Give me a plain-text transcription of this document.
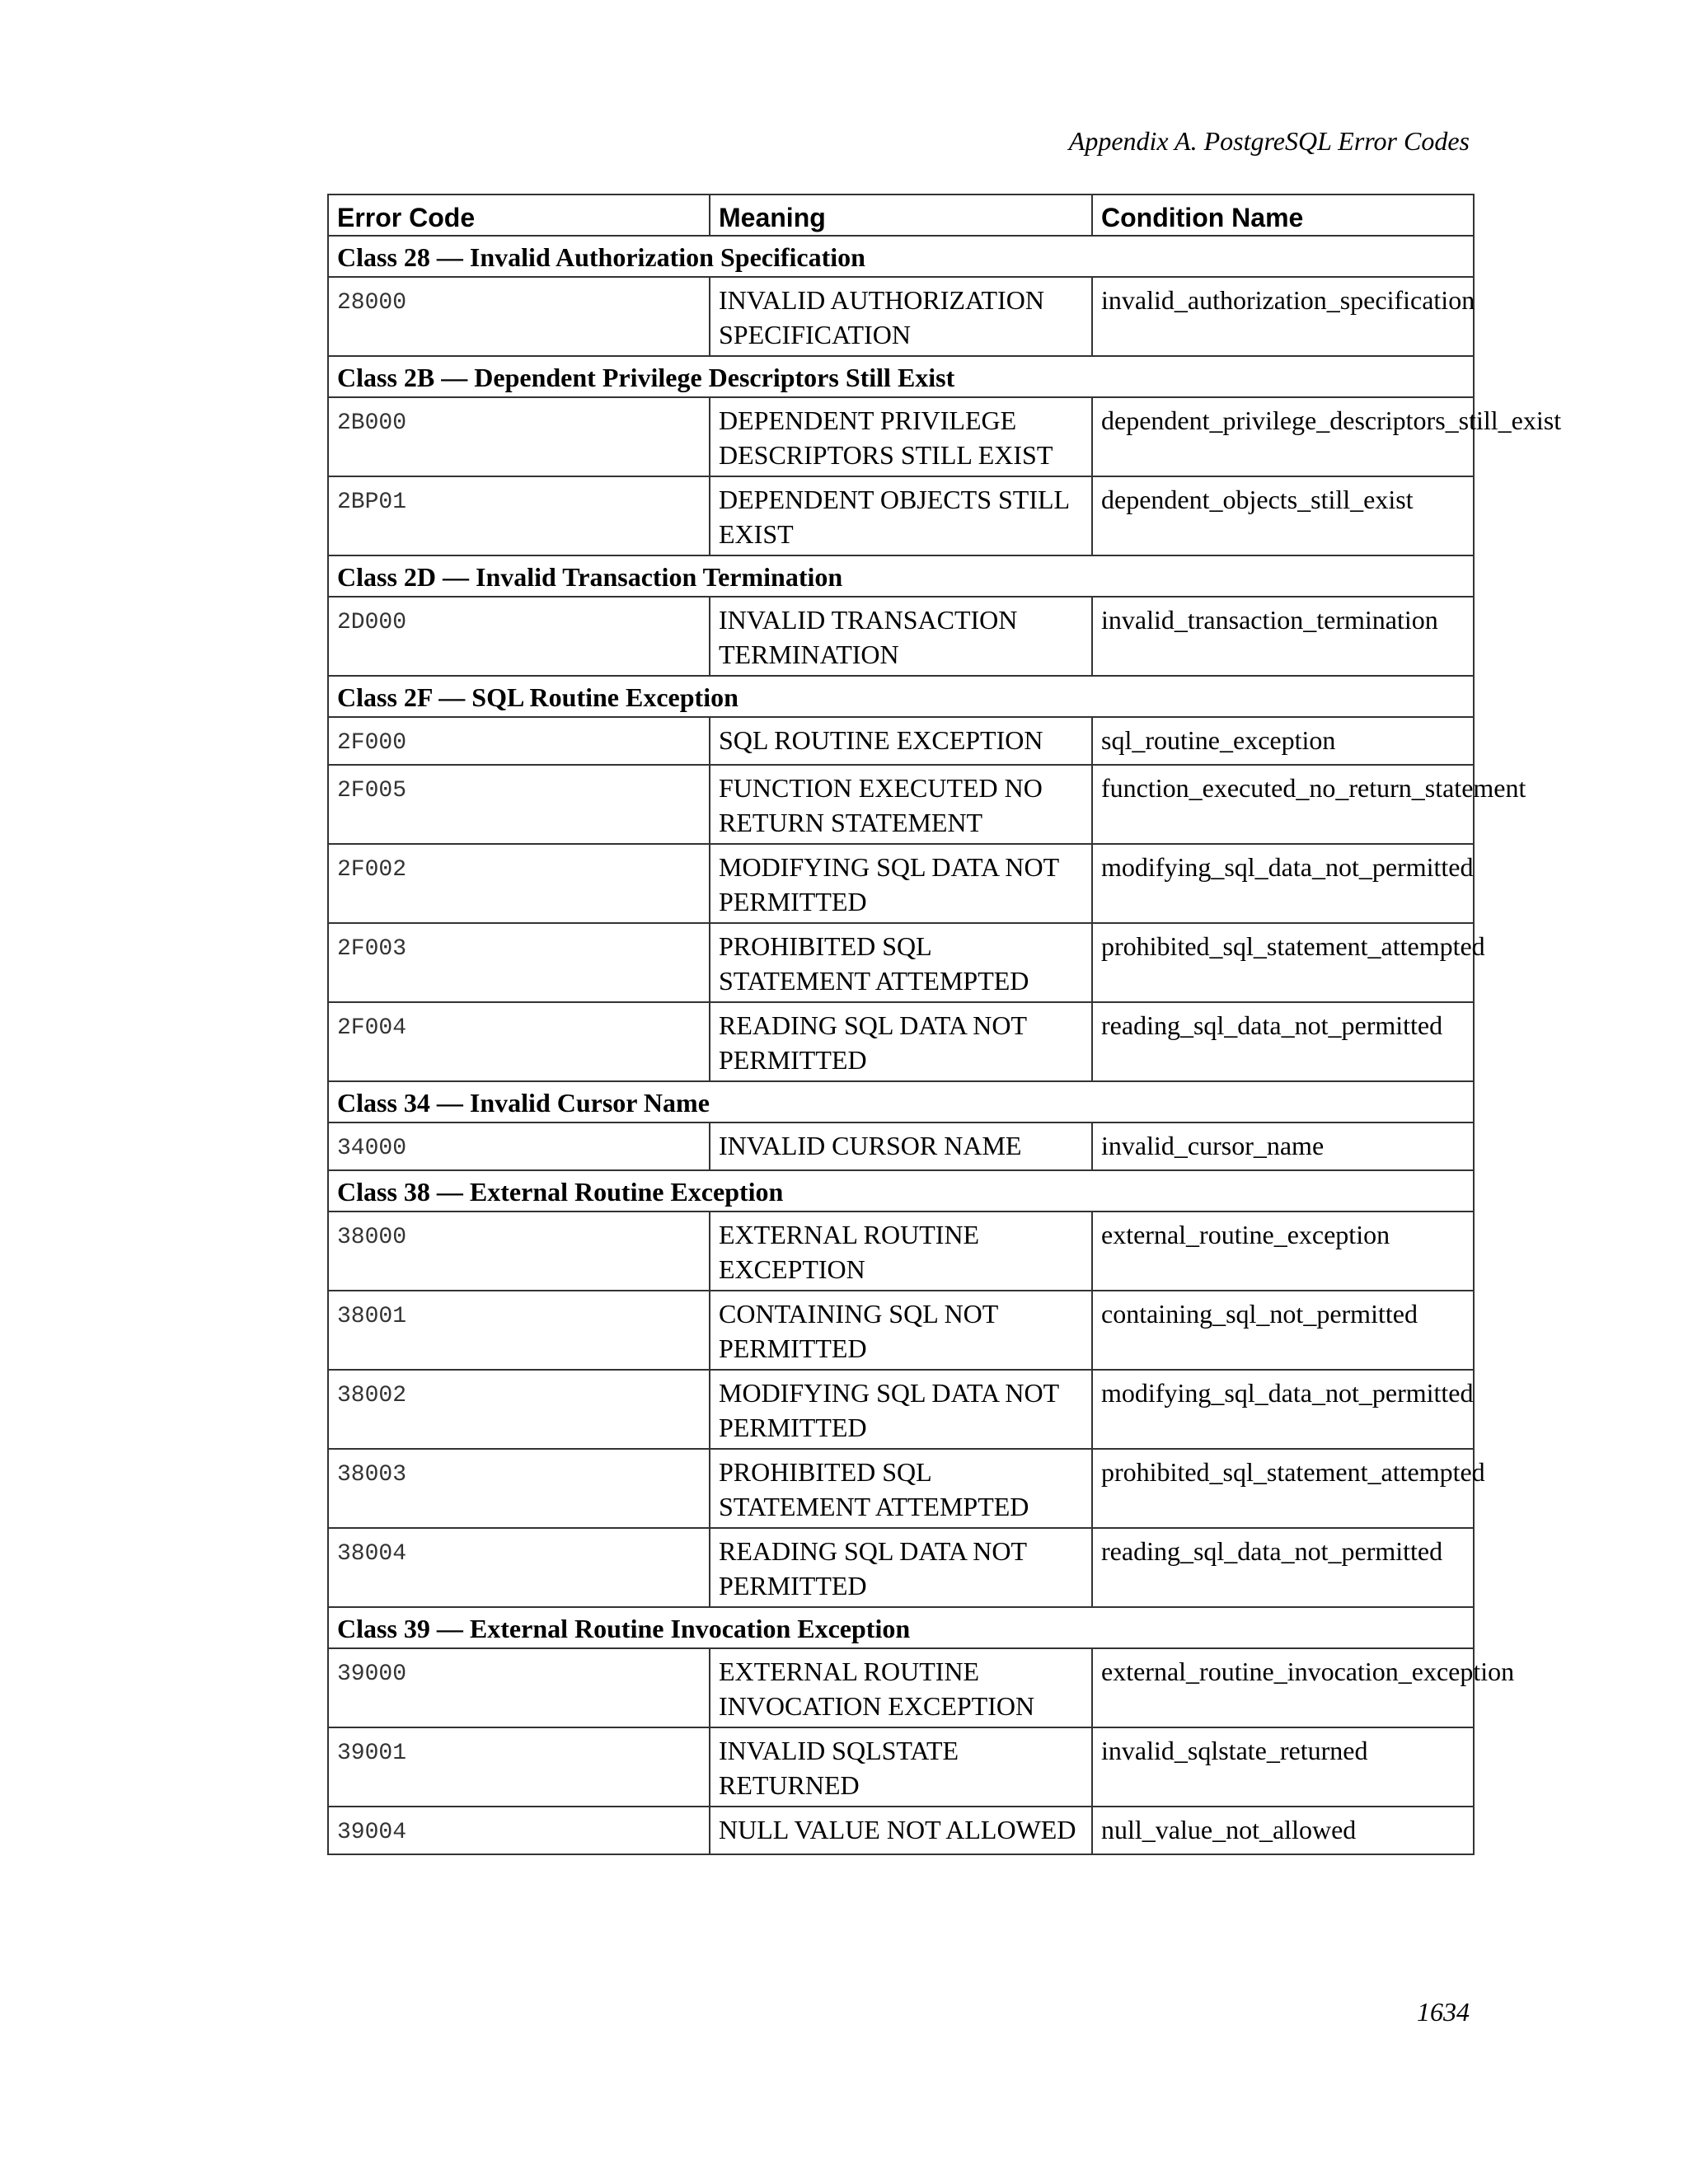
Appendix A. PostgreSQL Error Codes
Error Code	Meaning	Condition Name
Class 28 — Invalid Authorization Specification		
28000	INVALID AUTHORIZATION SPECIFICATION	invalid_authorization_specification
Class 2B — Dependent Privilege Descriptors Still Exist		
2B000	DEPENDENT PRIVILEGE DESCRIPTORS STILL EXIST	dependent_privilege_descriptors_still_exist
2BP01	DEPENDENT OBJECTS STILL EXIST	dependent_objects_still_exist
Class 2D — Invalid Transaction Termination		
2D000	INVALID TRANSACTION TERMINATION	invalid_transaction_termination
Class 2F — SQL Routine Exception		
2F000	SQL ROUTINE EXCEPTION	sql_routine_exception
2F005	FUNCTION EXECUTED NO RETURN STATEMENT	function_executed_no_return_statement
2F002	MODIFYING SQL DATA NOT PERMITTED	modifying_sql_data_not_permitted
2F003	PROHIBITED SQL STATEMENT ATTEMPTED	prohibited_sql_statement_attempted
2F004	READING SQL DATA NOT PERMITTED	reading_sql_data_not_permitted
Class 34 — Invalid Cursor Name		
34000	INVALID CURSOR NAME	invalid_cursor_name
Class 38 — External Routine Exception		
38000	EXTERNAL ROUTINE EXCEPTION	external_routine_exception
38001	CONTAINING SQL NOT PERMITTED	containing_sql_not_permitted
38002	MODIFYING SQL DATA NOT PERMITTED	modifying_sql_data_not_permitted
38003	PROHIBITED SQL STATEMENT ATTEMPTED	prohibited_sql_statement_attempted
38004	READING SQL DATA NOT PERMITTED	reading_sql_data_not_permitted
Class 39 — External Routine Invocation Exception		
39000	EXTERNAL ROUTINE INVOCATION EXCEPTION	external_routine_invocation_exception
39001	INVALID SQLSTATE RETURNED	invalid_sqlstate_returned
39004	NULL VALUE NOT ALLOWED	null_value_not_allowed
1634
